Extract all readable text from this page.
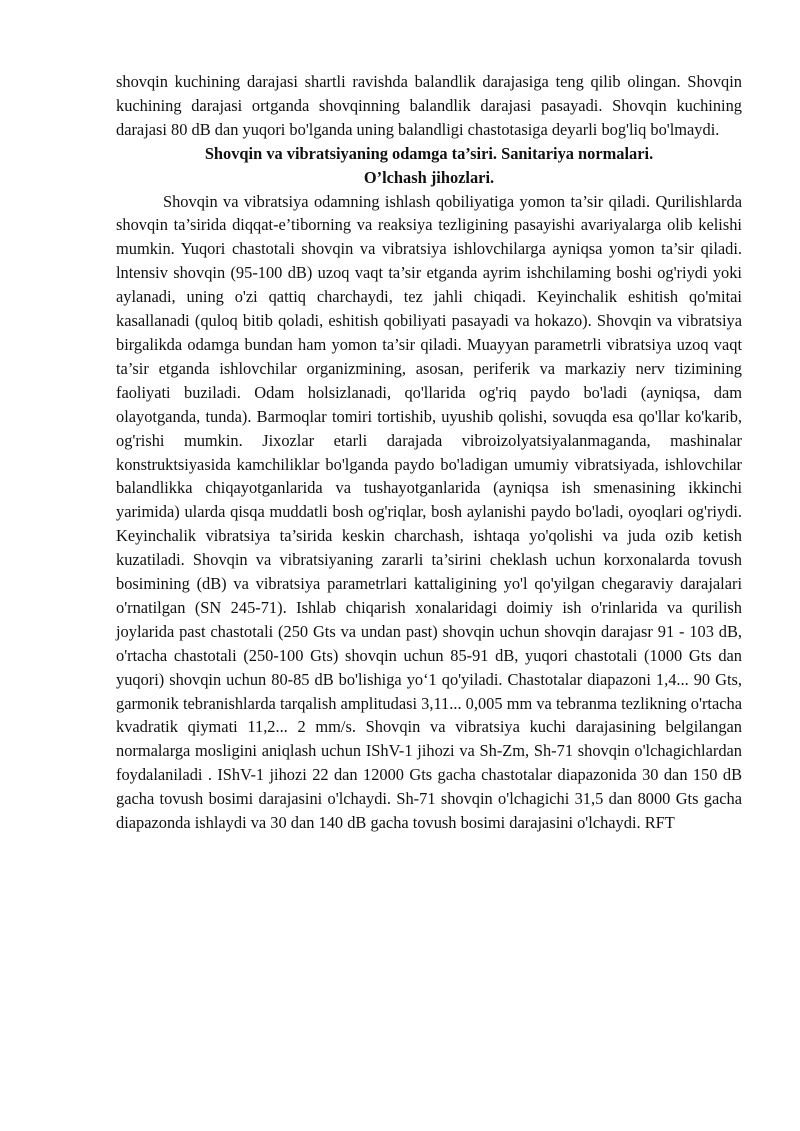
shovqin kuchining darajasi shartli ravishda balandlik darajasiga teng qilib olingan. Shovqin kuchining darajasi ortganda shovqinning balandlik darajasi pasayadi. Shovqin kuchining darajasi 80 dB dan yuqori bo'lganda uning balandligi chastotasiga deyarli bog'liq bo'lmaydi.

Shovqin va vibratsiyaning odamga ta’siri. Sanitariya normalari.

O’lchash jihozlari.

Shovqin va vibratsiya odamning ishlash qobiliyatiga yomon ta’sir qiladi. Qurilishlarda shovqin ta’sirida diqqat-e’tiborning va reaksiya tezligining pasayishi avariyalarga olib kelishi mumkin. Yuqori chastotali shovqin va vibratsiya ishlovchilarga ayniqsa yomon ta’sir qiladi. lntensiv shovqin (95-100 dB) uzoq vaqt ta’sir etganda ayrim ishchilaming boshi og'riydi yoki aylanadi, uning o'zi qattiq charchaydi, tez jahli chiqadi. Keyinchalik eshitish qo'mitai kasallanadi (quloq bitib qoladi, eshitish qobiliyati pasayadi va hokazo). Shovqin va vibratsiya birgalikda odamga bundan ham yomon ta’sir qiladi. Muayyan parametrli vibratsiya uzoq vaqt ta’sir etganda ishlovchilar organizmining, asosan, periferik va markaziy nerv tizimining faoliyati buziladi. Odam holsizlanadi, qo'llarida og'riq paydo bo'ladi (ayniqsa, dam olayotganda, tunda). Barmoqlar tomiri tortishib, uyushib qolishi, sovuqda esa qo'llar ko'karib, og'rishi mumkin. Jixozlar etarli darajada vibroizolyatsiyalanmaganda, mashinalar konstruktsiyasida kamchiliklar bo'lganda paydo bo'ladigan umumiy vibratsiyada, ishlovchilar balandlikka chiqayotganlarida va tushayotganlarida (ayniqsa ish smenasining ikkinchi yarimida) ularda qisqa muddatli bosh og'riqlar, bosh aylanishi paydo bo'ladi, oyoqlari og'riydi. Keyinchalik vibratsiya ta’sirida keskin charchash, ishtaqa yo'qolishi va juda ozib ketish kuzatiladi. Shovqin va vibratsiyaning zararli ta’sirini cheklash uchun korxonalarda tovush bosimining (dB) va vibratsiya parametrlari kattaligining yo'l qo'yilgan chegaraviy darajalari o'rnatilgan (SN 245-71). Ishlab chiqarish xonalaridagi doimiy ish o'rinlarida va qurilish joylarida past chastotali (250 Gts va undan past) shovqin uchun shovqin darajasr 91 - 103 dB, o'rtacha chastotali (250-100 Gts) shovqin uchun 85-91 dB, yuqori chastotali (1000 Gts dan yuqori) shovqin uchun 80-85 dB bo'lishiga yo‘1 qo'yiladi. Chastotalar diapazoni 1,4... 90 Gts, garmonik tebranishlarda tarqalish amplitudasi 3,11... 0,005 mm va tebranma tezlikning o'rtacha kvadratik qiymati 11,2... 2 mm/s. Shovqin va vibratsiya kuchi darajasining belgilangan normalarga mosligini aniqlash uchun IShV-1 jihozi va Sh-Zm, Sh-71 shovqin o'lchagichlardan foydalaniladi . IShV-1 jihozi 22 dan 12000 Gts gacha chastotalar diapazonida 30 dan 150 dB gacha tovush bosimi darajasini o'lchaydi. Sh-71 shovqin o'lchagichi 31,5 dan 8000 Gts gacha diapazonda ishlaydi va 30 dan 140 dB gacha tovush bosimi darajasini o'lchaydi. RFT
